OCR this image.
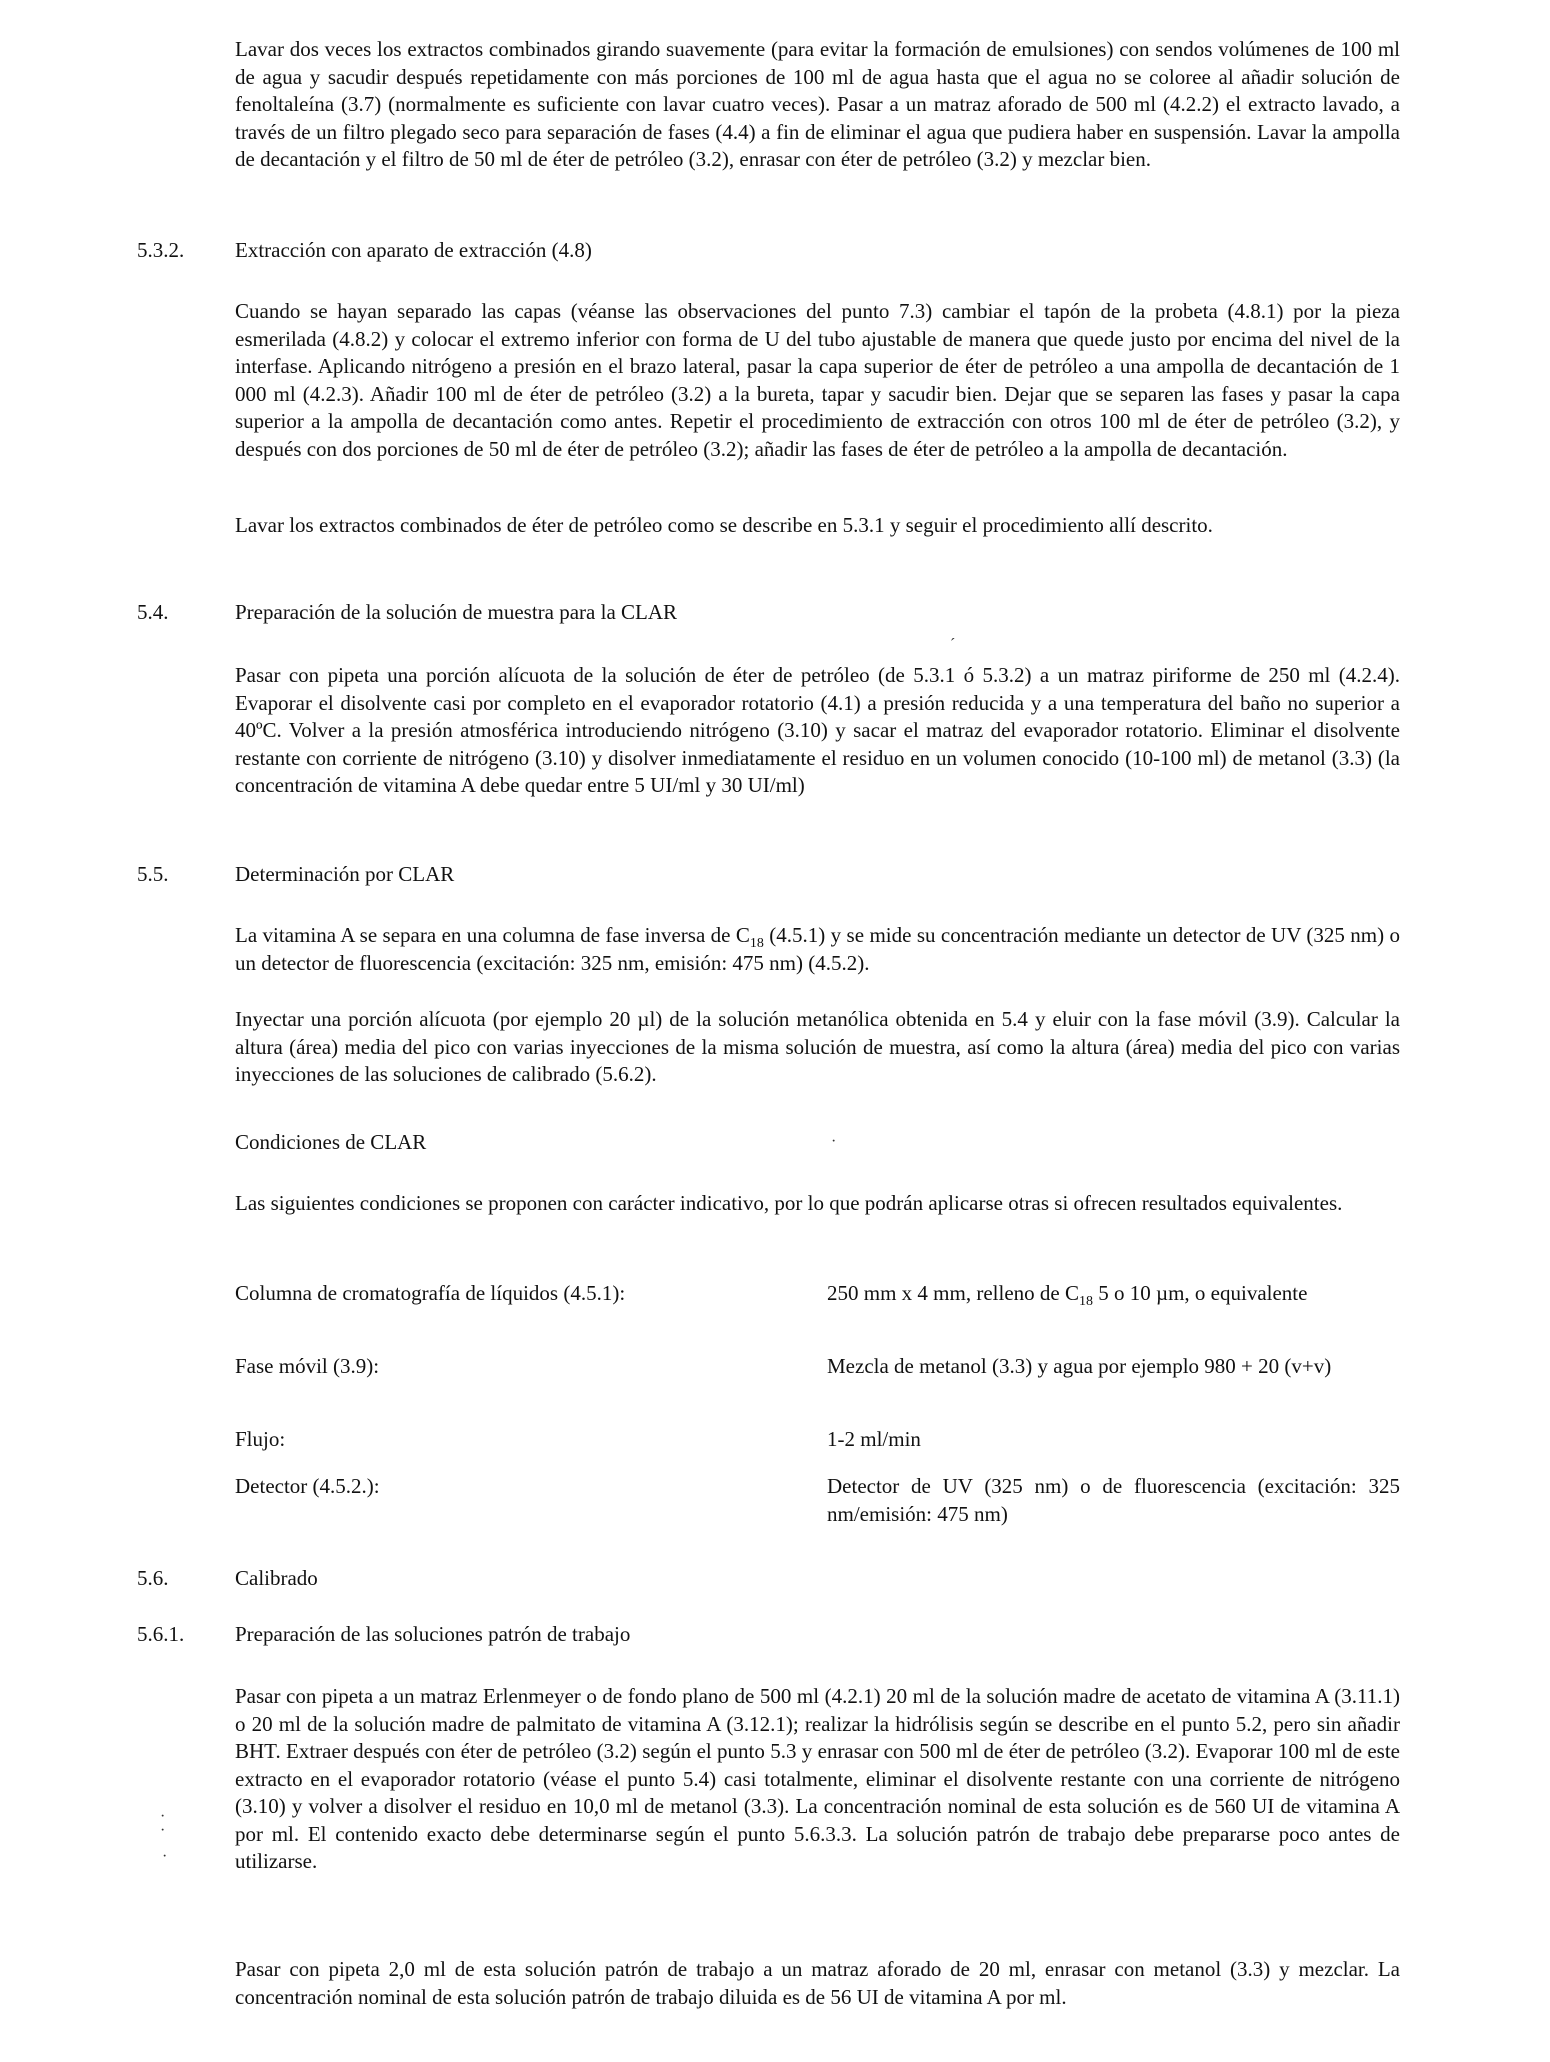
Lavar dos veces los extractos combinados girando suavemente (para evitar la formación de emulsiones) con sendos volúmenes de 100 ml de agua y sacudir después repetidamente con más porciones de 100 ml de agua hasta que el agua no se coloree al añadir solución de fenoltaleína (3.7) (normalmente es suficiente con lavar cuatro veces). Pasar a un matraz aforado de 500 ml (4.2.2) el extracto lavado, a través de un filtro plegado seco para separación de fases (4.4) a fin de eliminar el agua que pudiera haber en suspensión. Lavar la ampolla de decantación y el filtro de 50 ml de éter de petróleo (3.2), enrasar con éter de petróleo (3.2) y mezclar bien.

5.3.2. Extracción con aparato de extracción (4.8)

Cuando se hayan separado las capas (véanse las observaciones del punto 7.3) cambiar el tapón de la probeta (4.8.1) por la pieza esmerilada (4.8.2) y colocar el extremo inferior con forma de U del tubo ajustable de manera que quede justo por encima del nivel de la interfase. Aplicando nitrógeno a presión en el brazo lateral, pasar la capa superior de éter de petróleo a una ampolla de decantación de 1 000 ml (4.2.3). Añadir 100 ml de éter de petróleo (3.2) a la bureta, tapar y sacudir bien. Dejar que se separen las fases y pasar la capa superior a la ampolla de decantación como antes. Repetir el procedimiento de extracción con otros 100 ml de éter de petróleo (3.2), y después con dos porciones de 50 ml de éter de petróleo (3.2); añadir las fases de éter de petróleo a la ampolla de decantación.

Lavar los extractos combinados de éter de petróleo como se describe en 5.3.1 y seguir el procedimiento allí descrito.

5.4.	Preparación de la solución de muestra para la CLAR

Pasar con pipeta una porción alícuota de la solución de éter de petróleo (de 5.3.1 ó 5.3.2) a un matraz piriforme de 250 ml (4.2.4). Evaporar el disolvente casi por completo en el evaporador rotatorio (4.1) a presión reducida y a una temperatura del baño no superior a 40ºC. Volver a la presión atmosférica introduciendo nitrógeno (3.10) y sacar el matraz del evaporador rotatorio. Eliminar el disolvente restante con corriente de nitrógeno (3.10) y disolver inmediatamente el residuo en un volumen conocido (10-100 ml) de metanol (3.3) (la concentración de vitamina A debe quedar entre 5 UI/ml y 30 UI/ml)

5.5.	Determinación por CLAR

La vitamina A se separa en una columna de fase inversa de $C_{18}$ (4.5.1) y se mide su concentración mediante un detector de UV (325 nm) o un detector de fluorescencia (excitación: 325 nm, emisión: 475 nm) (4.5.2).

Inyectar una porción alícuota (por ejemplo 20 µl) de la solución metanólica obtenida en 5.4 y eluir con la fase móvil (3.9). Calcular la altura (área) media del pico con varias inyecciones de la misma solución de muestra, así como la altura (área) media del pico con varias inyecciones de las soluciones de calibrado (5.6.2).

Condiciones de CLAR

Las siguientes condiciones se proponen con carácter indicativo, por lo que podrán aplicarse otras si ofrecen resultados equivalentes.

Columna de cromatografía de líquidos (4.5.1):	250 mm x 4 mm, relleno de $C_{18}$ 5 o 10 µm, o equivalente
Fase móvil (3.9):	Mezcla de metanol (3.3) y agua por ejemplo 980 + 20 (v+v)
Flujo:	1-2 ml/min
Detector (4.5.2.):	Detector de UV (325 nm) o de fluorescencia (excitación: 325 nm/emisión: 475 nm)
5.6.	Calibrado
5.6.1. Preparación de las soluciones patrón de trabajo

Pasar con pipeta a un matraz Erlenmeyer o de fondo plano de 500 ml (4.2.1) 20 ml de la solución madre de acetato de vitamina A (3.11.1) o 20 ml de la solución madre de palmitato de vitamina A (3.12.1); realizar la hidrólisis según se describe en el punto 5.2, pero sin añadir BHT. Extraer después con éter de petróleo (3.2) según el punto 5.3 y enrasar con 500 ml de éter de petróleo (3.2). Evaporar 100 ml de este extracto en el evaporador rotatorio (véase el punto 5.4) casi totalmente, eliminar el disolvente restante con una corriente de nitrógeno (3.10) y volver a disolver el residuo en 10,0 ml de metanol (3.3). La concentración nominal de esta solución es de 560 UI de vitamina A por ml. El contenido exacto debe determinarse según el punto 5.6.3.3. La solución patrón de trabajo debe prepararse poco antes de utilizarse.

Pasar con pipeta 2,0 ml de esta solución patrón de trabajo a un matraz aforado de 20 ml, enrasar con metanol (3.3) y mezclar. La concentración nominal de esta solución patrón de trabajo diluida es de 56 UI de vitamina A por ml.

´
·
·
·
·
